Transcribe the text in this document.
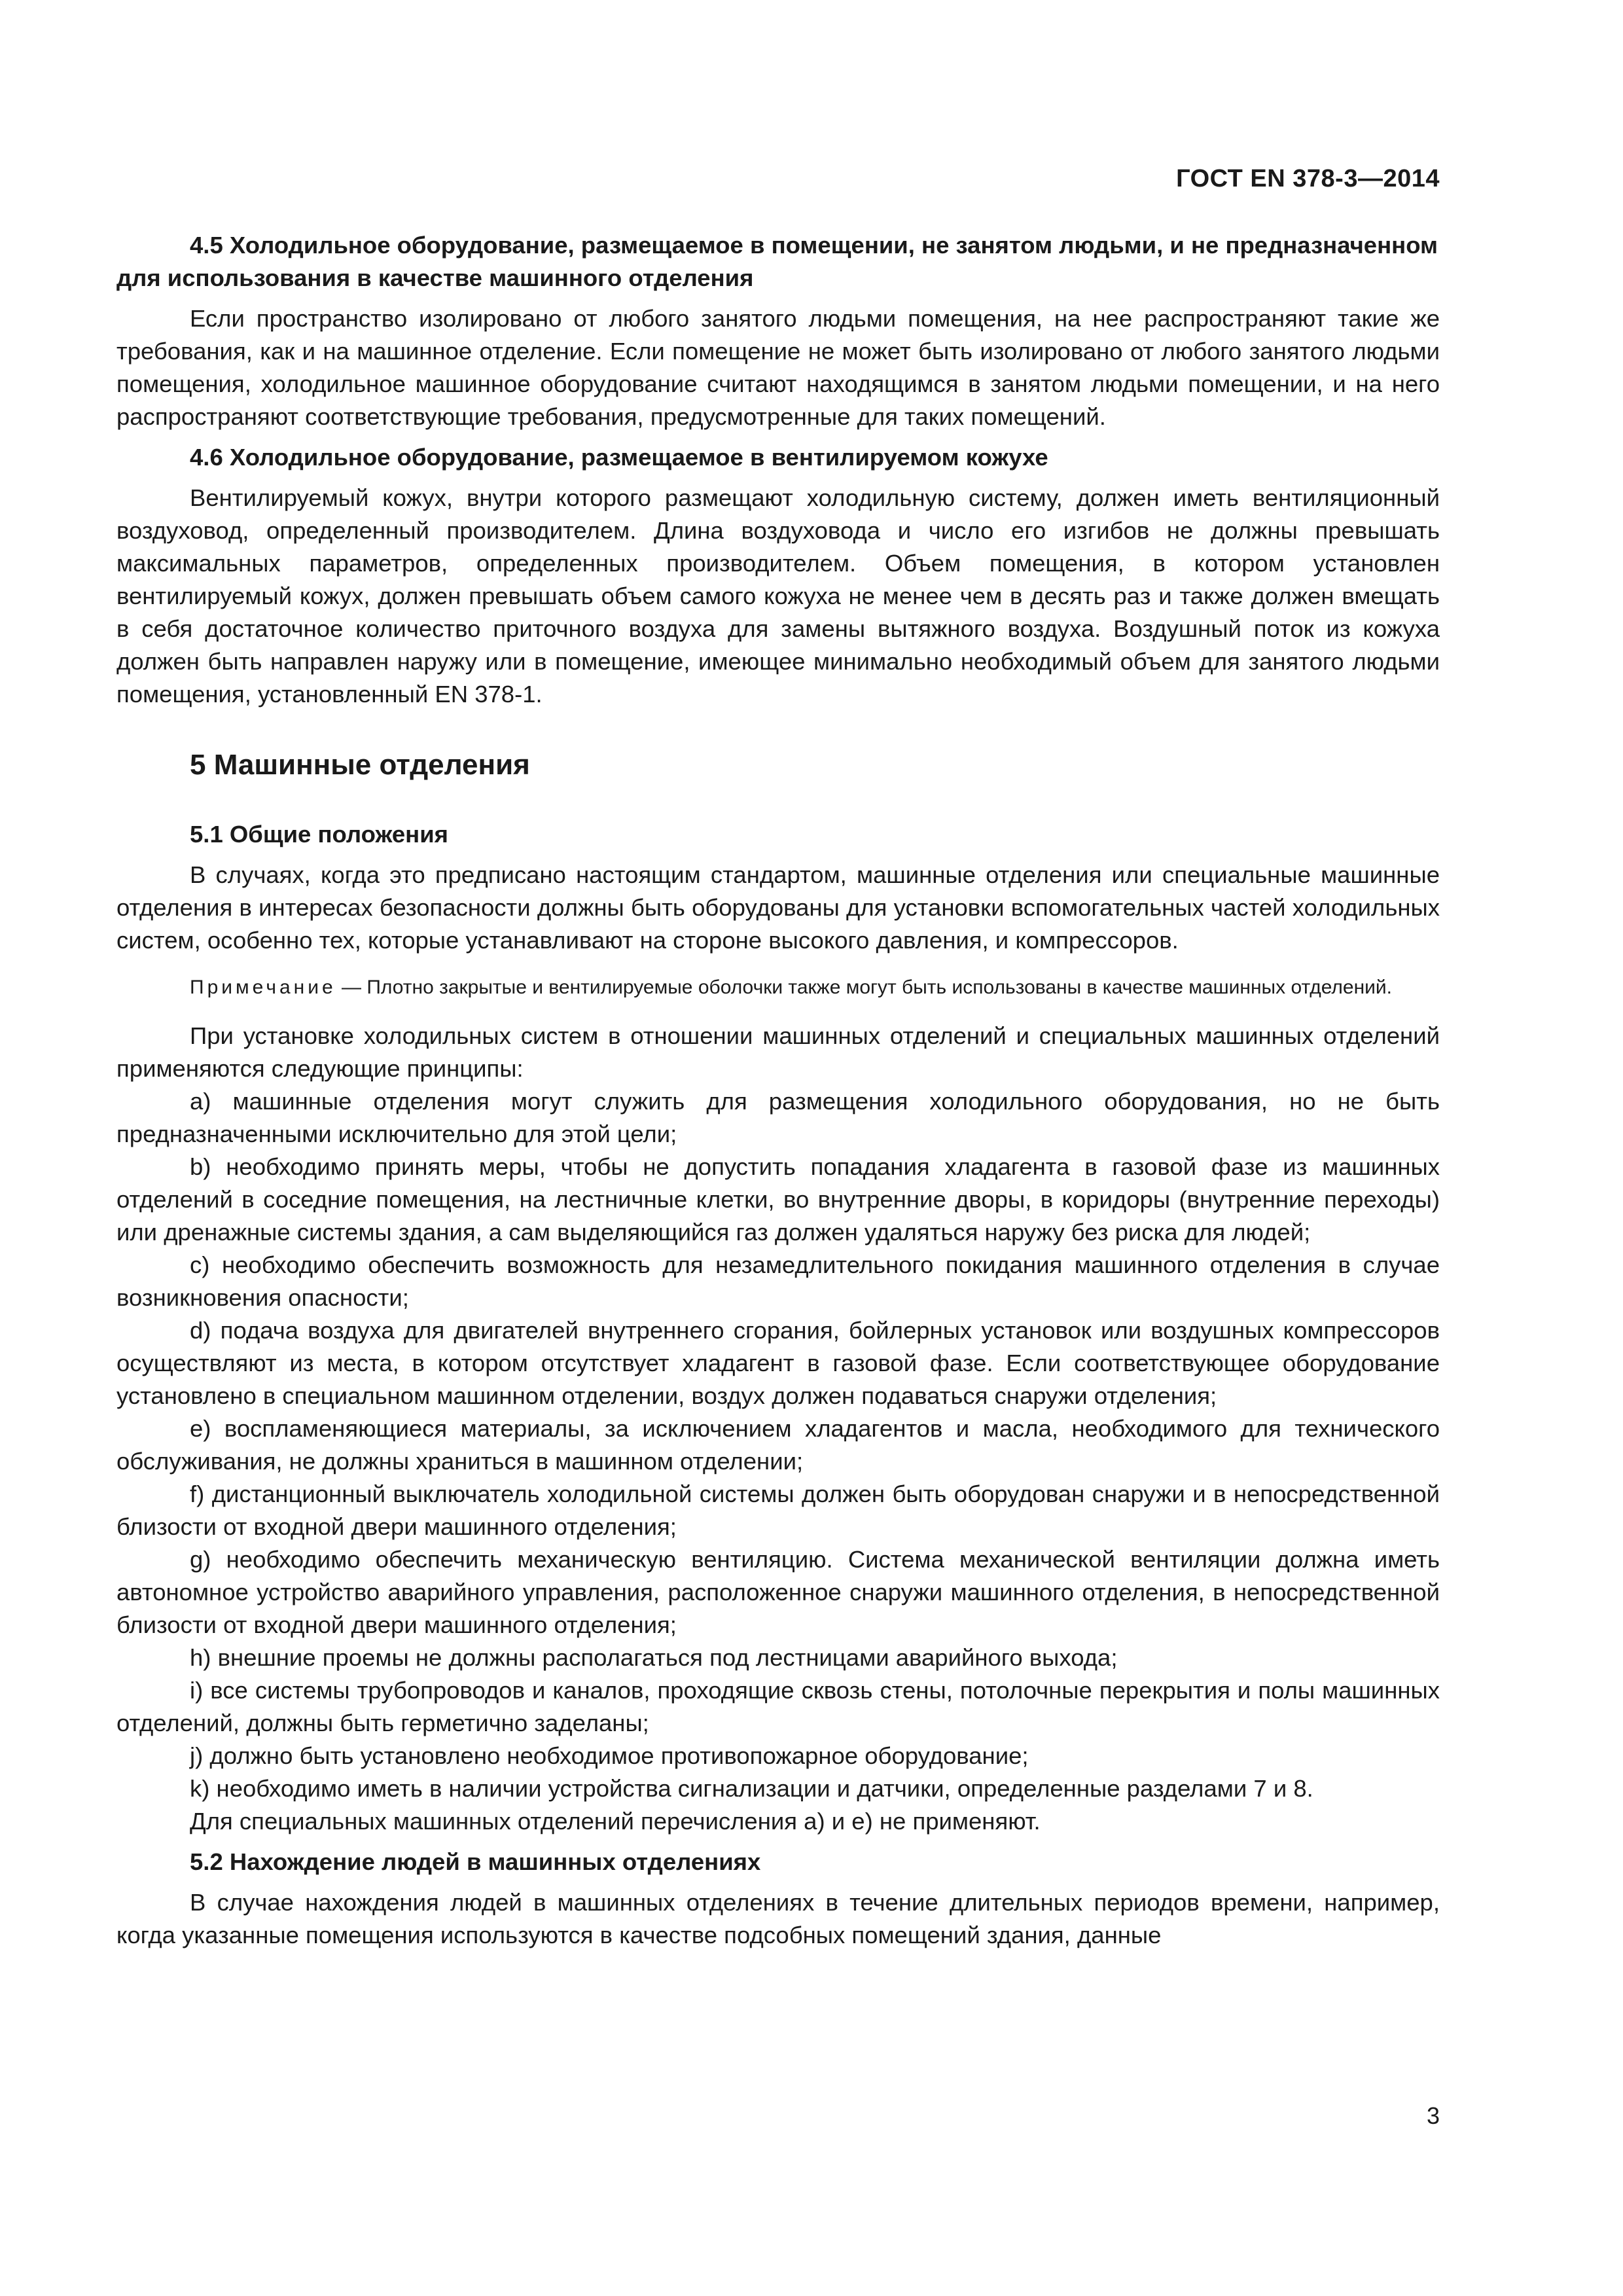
ГОСТ EN 378-3—2014

4.5 Холодильное оборудование, размещаемое в помещении, не занятом людьми, и не предназначенном для использования в качестве машинного отделения

Если пространство изолировано от любого занятого людьми помещения, на нее распространяют такие же требования, как и на машинное отделение. Если помещение не может быть изолировано от любого занятого людьми помещения, холодильное машинное оборудование считают находящимся в занятом людьми помещении, и на него распространяют соответствующие требования, предусмотренные для таких помещений.

4.6 Холодильное оборудование, размещаемое в вентилируемом кожухе

Вентилируемый кожух, внутри которого размещают холодильную систему, должен иметь вентиляционный воздуховод, определенный производителем. Длина воздуховода и число его изгибов не должны превышать максимальных параметров, определенных производителем. Объем помещения, в котором установлен вентилируемый кожух, должен превышать объем самого кожуха не менее чем в десять раз и также должен вмещать в себя достаточное количество приточного воздуха для замены вытяжного воздуха. Воздушный поток из кожуха должен быть направлен наружу или в помещение, имеющее минимально необходимый объем для занятого людьми помещения, установленный EN 378-1.

5 Машинные отделения

5.1 Общие положения

В случаях, когда это предписано настоящим стандартом, машинные отделения или специальные машинные отделения в интересах безопасности должны быть оборудованы для установки вспомогательных частей холодильных систем, особенно тех, которые устанавливают на стороне высокого давления, и компрессоров.

Примечание — Плотно закрытые и вентилируемые оболочки также могут быть использованы в качестве машинных отделений.

При установке холодильных систем в отношении машинных отделений и специальных машинных отделений применяются следующие принципы:

a) машинные отделения могут служить для размещения холодильного оборудования, но не быть предназначенными исключительно для этой цели;

b) необходимо принять меры, чтобы не допустить попадания хладагента в газовой фазе из машинных отделений в соседние помещения, на лестничные клетки, во внутренние дворы, в коридоры (внутренние переходы) или дренажные системы здания, а сам выделяющийся газ должен удаляться наружу без риска для людей;

c) необходимо обеспечить возможность для незамедлительного покидания машинного отделения в случае возникновения опасности;

d) подача воздуха для двигателей внутреннего сгорания, бойлерных установок или воздушных компрессоров осуществляют из места, в котором отсутствует хладагент в газовой фазе. Если соответствующее оборудование установлено в специальном машинном отделении, воздух должен подаваться снаружи отделения;

e) воспламеняющиеся материалы, за исключением хладагентов и масла, необходимого для технического обслуживания, не должны храниться в машинном отделении;

f) дистанционный выключатель холодильной системы должен быть оборудован снаружи и в непосредственной близости от входной двери машинного отделения;

g) необходимо обеспечить механическую вентиляцию. Система механической вентиляции должна иметь автономное устройство аварийного управления, расположенное снаружи машинного отделения, в непосредственной близости от входной двери машинного отделения;

h) внешние проемы не должны располагаться под лестницами аварийного выхода;

i) все системы трубопроводов и каналов, проходящие сквозь стены, потолочные перекрытия и полы машинных отделений, должны быть герметично заделаны;

j) должно быть установлено необходимое противопожарное оборудование;

k) необходимо иметь в наличии устройства сигнализации и датчики, определенные разделами 7 и 8.

Для специальных машинных отделений перечисления а) и е) не применяют.

5.2 Нахождение людей в машинных отделениях

В случае нахождения людей в машинных отделениях в течение длительных периодов времени, например, когда указанные помещения используются в качестве подсобных помещений здания, данные

3
